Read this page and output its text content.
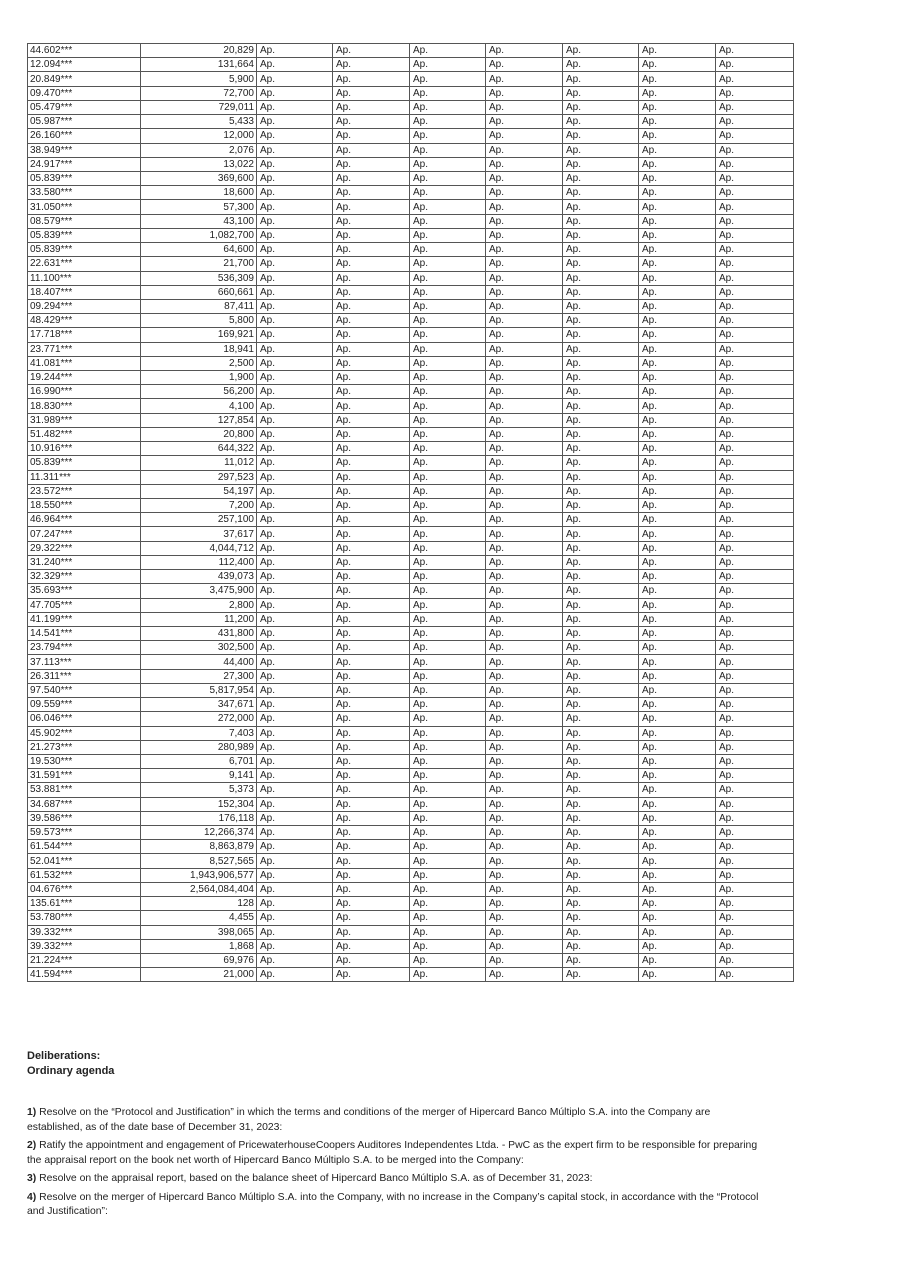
44.602***	20,829	Ap.	Ap.	Ap.	Ap.	Ap.	Ap.	Ap.
12.094***	131,664	Ap.	Ap.	Ap.	Ap.	Ap.	Ap.	Ap.
20.849***	5,900	Ap.	Ap.	Ap.	Ap.	Ap.	Ap.	Ap.
09.470***	72,700	Ap.	Ap.	Ap.	Ap.	Ap.	Ap.	Ap.
05.479***	729,011	Ap.	Ap.	Ap.	Ap.	Ap.	Ap.	Ap.
05.987***	5,433	Ap.	Ap.	Ap.	Ap.	Ap.	Ap.	Ap.
26.160***	12,000	Ap.	Ap.	Ap.	Ap.	Ap.	Ap.	Ap.
38.949***	2,076	Ap.	Ap.	Ap.	Ap.	Ap.	Ap.	Ap.
24.917***	13,022	Ap.	Ap.	Ap.	Ap.	Ap.	Ap.	Ap.
05.839***	369,600	Ap.	Ap.	Ap.	Ap.	Ap.	Ap.	Ap.
33.580***	18,600	Ap.	Ap.	Ap.	Ap.	Ap.	Ap.	Ap.
31.050***	57,300	Ap.	Ap.	Ap.	Ap.	Ap.	Ap.	Ap.
08.579***	43,100	Ap.	Ap.	Ap.	Ap.	Ap.	Ap.	Ap.
05.839***	1,082,700	Ap.	Ap.	Ap.	Ap.	Ap.	Ap.	Ap.
05.839***	64,600	Ap.	Ap.	Ap.	Ap.	Ap.	Ap.	Ap.
22.631***	21,700	Ap.	Ap.	Ap.	Ap.	Ap.	Ap.	Ap.
11.100***	536,309	Ap.	Ap.	Ap.	Ap.	Ap.	Ap.	Ap.
18.407***	660,661	Ap.	Ap.	Ap.	Ap.	Ap.	Ap.	Ap.
09.294***	87,411	Ap.	Ap.	Ap.	Ap.	Ap.	Ap.	Ap.
48.429***	5,800	Ap.	Ap.	Ap.	Ap.	Ap.	Ap.	Ap.
17.718***	169,921	Ap.	Ap.	Ap.	Ap.	Ap.	Ap.	Ap.
23.771***	18,941	Ap.	Ap.	Ap.	Ap.	Ap.	Ap.	Ap.
41.081***	2,500	Ap.	Ap.	Ap.	Ap.	Ap.	Ap.	Ap.
19.244***	1,900	Ap.	Ap.	Ap.	Ap.	Ap.	Ap.	Ap.
16.990***	56,200	Ap.	Ap.	Ap.	Ap.	Ap.	Ap.	Ap.
18.830***	4,100	Ap.	Ap.	Ap.	Ap.	Ap.	Ap.	Ap.
31.989***	127,854	Ap.	Ap.	Ap.	Ap.	Ap.	Ap.	Ap.
51.482***	20,800	Ap.	Ap.	Ap.	Ap.	Ap.	Ap.	Ap.
10.916***	644,322	Ap.	Ap.	Ap.	Ap.	Ap.	Ap.	Ap.
05.839***	11,012	Ap.	Ap.	Ap.	Ap.	Ap.	Ap.	Ap.
11.311***	297,523	Ap.	Ap.	Ap.	Ap.	Ap.	Ap.	Ap.
23.572***	54,197	Ap.	Ap.	Ap.	Ap.	Ap.	Ap.	Ap.
18.550***	7,200	Ap.	Ap.	Ap.	Ap.	Ap.	Ap.	Ap.
46.964***	257,100	Ap.	Ap.	Ap.	Ap.	Ap.	Ap.	Ap.
07.247***	37,617	Ap.	Ap.	Ap.	Ap.	Ap.	Ap.	Ap.
29.322***	4,044,712	Ap.	Ap.	Ap.	Ap.	Ap.	Ap.	Ap.
31.240***	112,400	Ap.	Ap.	Ap.	Ap.	Ap.	Ap.	Ap.
32.329***	439,073	Ap.	Ap.	Ap.	Ap.	Ap.	Ap.	Ap.
35.693***	3,475,900	Ap.	Ap.	Ap.	Ap.	Ap.	Ap.	Ap.
47.705***	2,800	Ap.	Ap.	Ap.	Ap.	Ap.	Ap.	Ap.
41.199***	11,200	Ap.	Ap.	Ap.	Ap.	Ap.	Ap.	Ap.
14.541***	431,800	Ap.	Ap.	Ap.	Ap.	Ap.	Ap.	Ap.
23.794***	302,500	Ap.	Ap.	Ap.	Ap.	Ap.	Ap.	Ap.
37.113***	44,400	Ap.	Ap.	Ap.	Ap.	Ap.	Ap.	Ap.
26.311***	27,300	Ap.	Ap.	Ap.	Ap.	Ap.	Ap.	Ap.
97.540***	5,817,954	Ap.	Ap.	Ap.	Ap.	Ap.	Ap.	Ap.
09.559***	347,671	Ap.	Ap.	Ap.	Ap.	Ap.	Ap.	Ap.
06.046***	272,000	Ap.	Ap.	Ap.	Ap.	Ap.	Ap.	Ap.
45.902***	7,403	Ap.	Ap.	Ap.	Ap.	Ap.	Ap.	Ap.
21.273***	280,989	Ap.	Ap.	Ap.	Ap.	Ap.	Ap.	Ap.
19.530***	6,701	Ap.	Ap.	Ap.	Ap.	Ap.	Ap.	Ap.
31.591***	9,141	Ap.	Ap.	Ap.	Ap.	Ap.	Ap.	Ap.
53.881***	5,373	Ap.	Ap.	Ap.	Ap.	Ap.	Ap.	Ap.
34.687***	152,304	Ap.	Ap.	Ap.	Ap.	Ap.	Ap.	Ap.
39.586***	176,118	Ap.	Ap.	Ap.	Ap.	Ap.	Ap.	Ap.
59.573***	12,266,374	Ap.	Ap.	Ap.	Ap.	Ap.	Ap.	Ap.
61.544***	8,863,879	Ap.	Ap.	Ap.	Ap.	Ap.	Ap.	Ap.
52.041***	8,527,565	Ap.	Ap.	Ap.	Ap.	Ap.	Ap.	Ap.
61.532***	1,943,906,577	Ap.	Ap.	Ap.	Ap.	Ap.	Ap.	Ap.
04.676***	2,564,084,404	Ap.	Ap.	Ap.	Ap.	Ap.	Ap.	Ap.
135.61***	128	Ap.	Ap.	Ap.	Ap.	Ap.	Ap.	Ap.
53.780***	4,455	Ap.	Ap.	Ap.	Ap.	Ap.	Ap.	Ap.
39.332***	398,065	Ap.	Ap.	Ap.	Ap.	Ap.	Ap.	Ap.
39.332***	1,868	Ap.	Ap.	Ap.	Ap.	Ap.	Ap.	Ap.
21.224***	69,976	Ap.	Ap.	Ap.	Ap.	Ap.	Ap.	Ap.
41.594***	21,000	Ap.	Ap.	Ap.	Ap.	Ap.	Ap.	Ap.
Deliberations:
Ordinary agenda
1) Resolve on the “Protocol and Justification” in which the terms and conditions of the merger of Hipercard Banco Múltiplo S.A. into the Company are established, as of the date base of December 31, 2023:
2) Ratify the appointment and engagement of PricewaterhouseCoopers Auditores Independentes Ltda. - PwC as the expert firm to be responsible for preparing the appraisal report on the book net worth of Hipercard Banco Múltiplo S.A. to be merged into the Company:
3) Resolve on the appraisal report, based on the balance sheet of Hipercard Banco Múltiplo S.A. as of December 31, 2023:
4) Resolve on the merger of Hipercard Banco Múltiplo S.A. into the Company, with no increase in the Company’s capital stock, in accordance with the “Protocol and Justification”:
